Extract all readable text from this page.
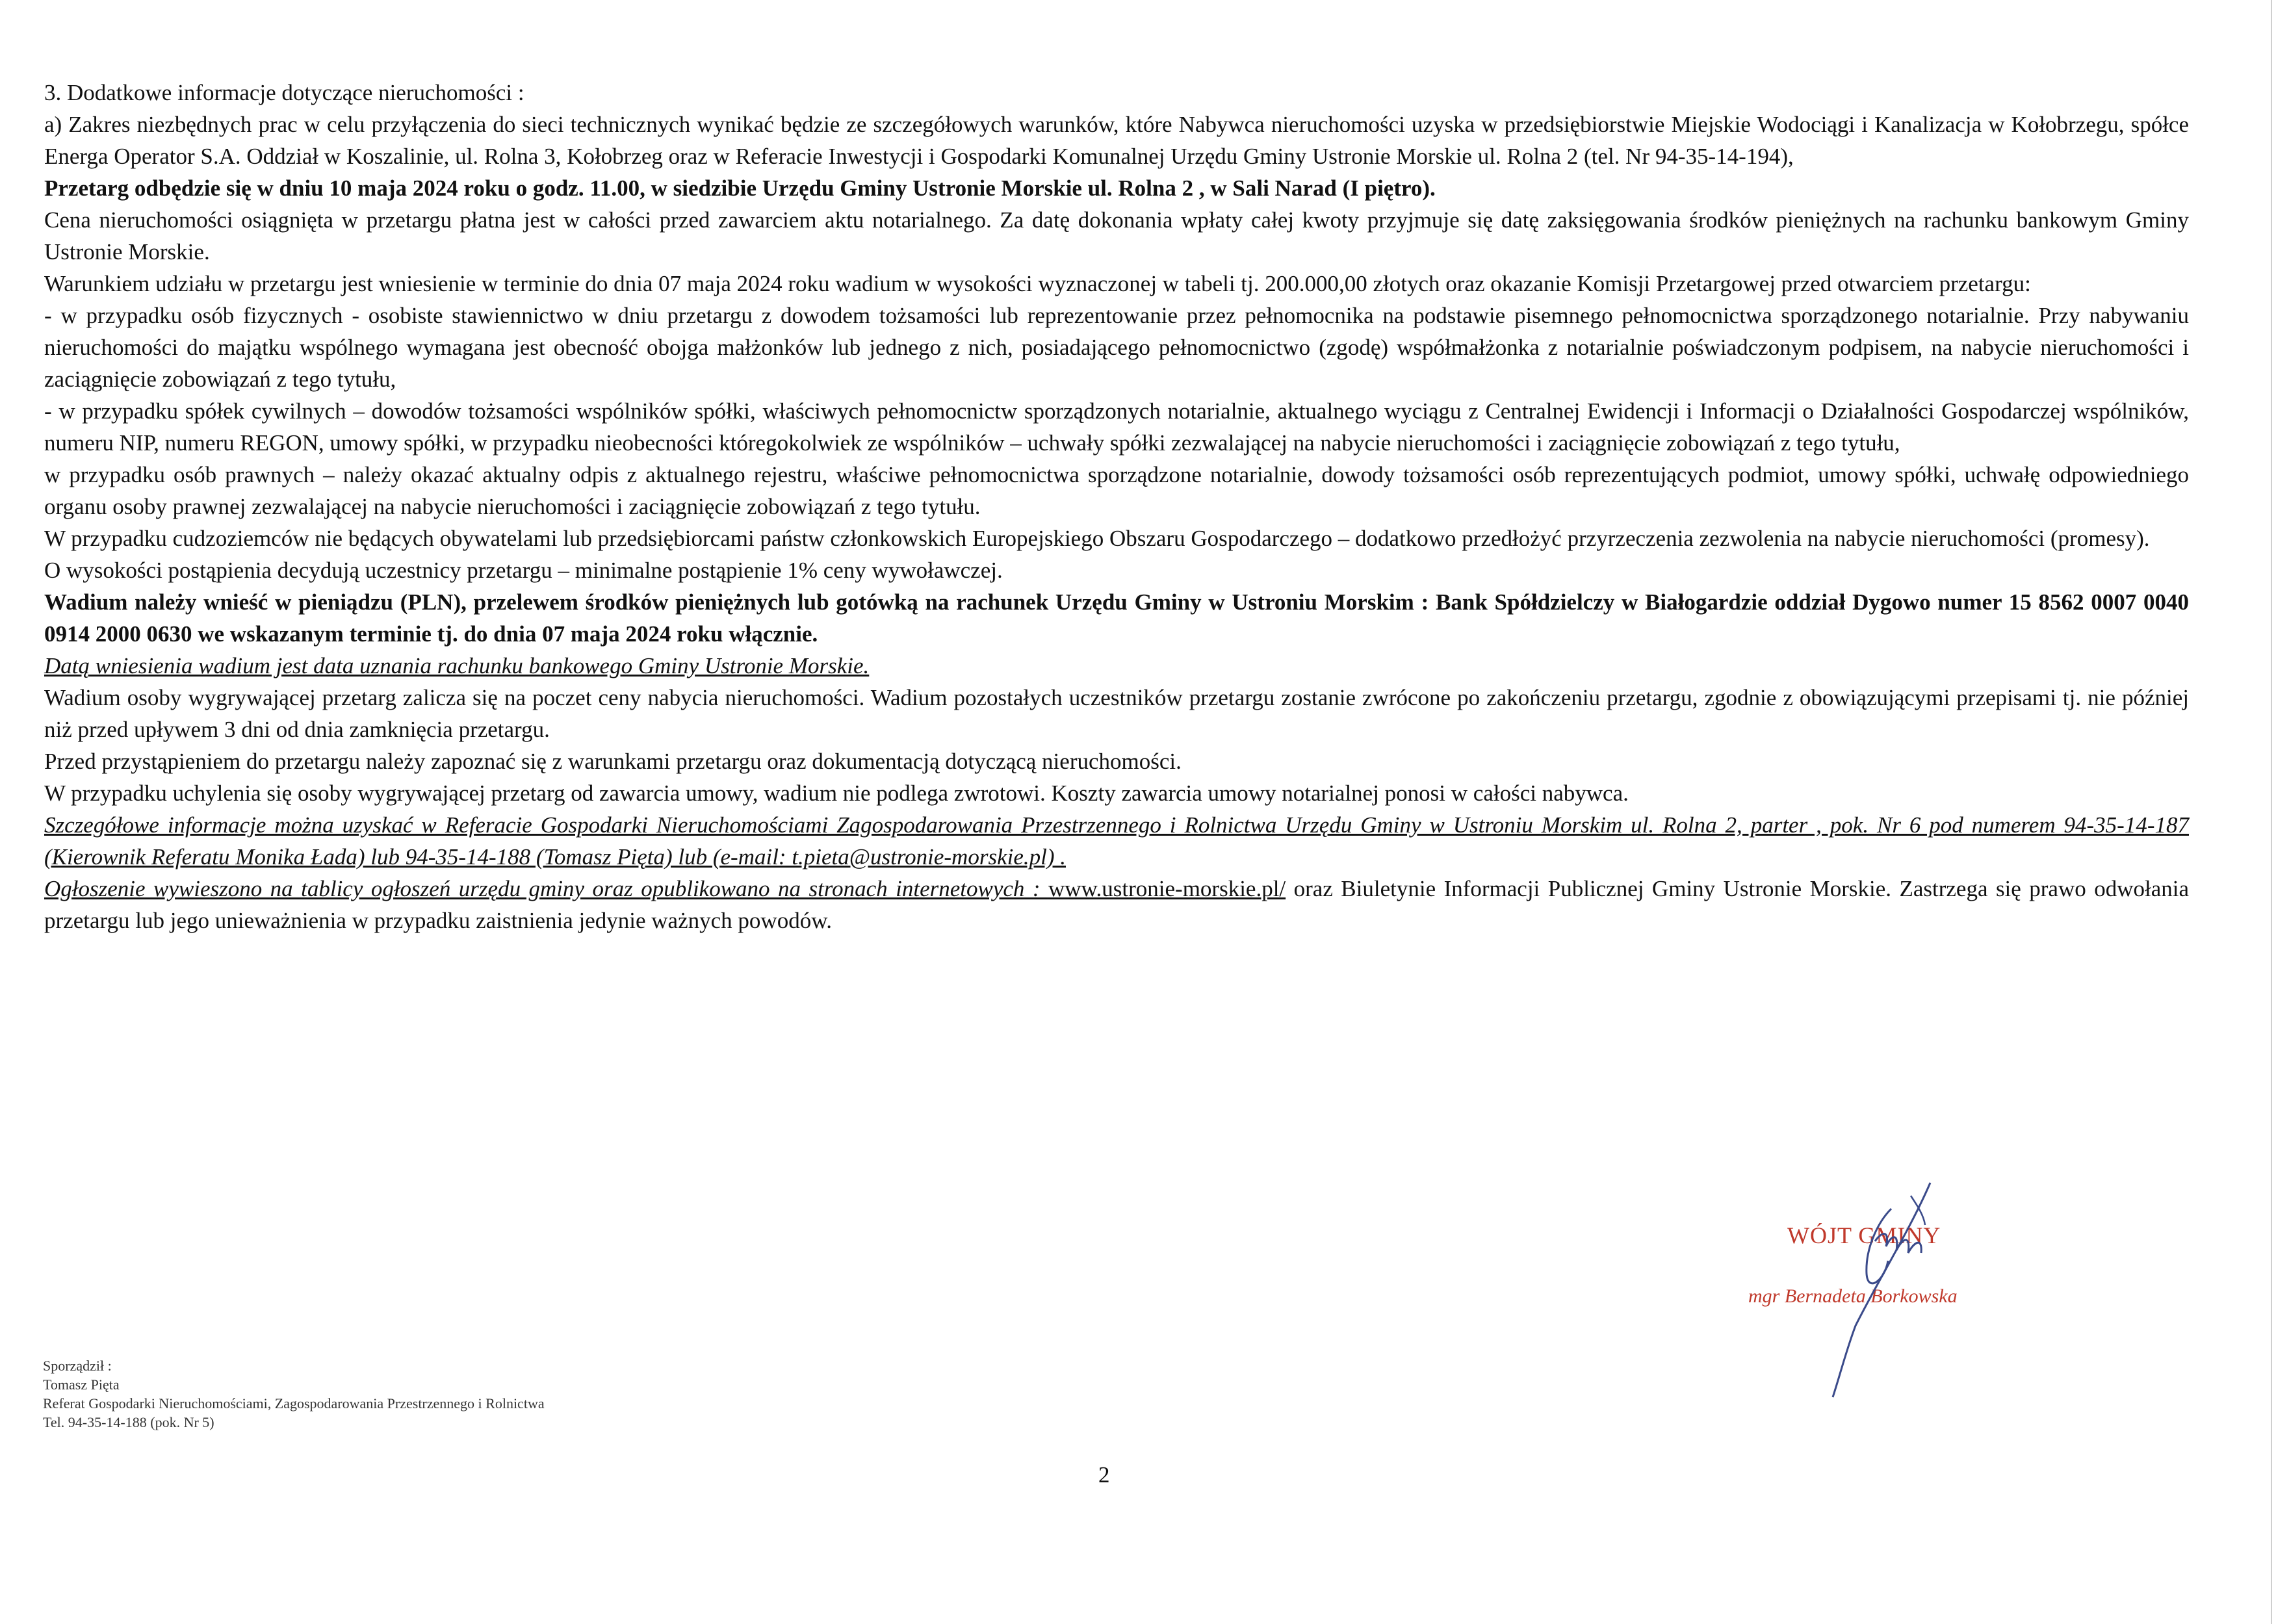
3. Dodatkowe informacje dotyczące nieruchomości :

a) Zakres niezbędnych prac w celu przyłączenia do sieci technicznych wynikać będzie ze szczegółowych warunków, które Nabywca nieruchomości uzyska w przedsiębiorstwie Miejskie Wodociągi i Kanalizacja w Kołobrzegu, spółce Energa Operator S.A. Oddział w Koszalinie, ul. Rolna 3, Kołobrzeg oraz w Referacie Inwestycji i Gospodarki Komunalnej Urzędu Gminy Ustronie Morskie ul. Rolna 2 (tel. Nr 94-35-14-194),

Przetarg odbędzie się w dniu 10 maja 2024 roku o godz. 11.00, w siedzibie Urzędu Gminy Ustronie Morskie ul. Rolna 2 , w Sali Narad (I piętro).

Cena nieruchomości osiągnięta w przetargu płatna jest w całości przed zawarciem aktu notarialnego. Za datę dokonania wpłaty całej kwoty przyjmuje się datę zaksięgowania środków pieniężnych na rachunku bankowym Gminy Ustronie Morskie.

Warunkiem udziału w przetargu jest wniesienie w terminie do dnia 07 maja 2024 roku wadium w wysokości wyznaczonej w tabeli tj. 200.000,00 złotych oraz okazanie Komisji Przetargowej przed otwarciem przetargu:

- w przypadku osób fizycznych - osobiste stawiennictwo w dniu przetargu z dowodem tożsamości lub reprezentowanie przez pełnomocnika na podstawie pisemnego pełnomocnictwa sporządzonego notarialnie. Przy nabywaniu nieruchomości do majątku wspólnego wymagana jest obecność obojga małżonków lub jednego z nich, posiadającego pełnomocnictwo (zgodę) współmałżonka z notarialnie poświadczonym podpisem, na nabycie nieruchomości i zaciągnięcie zobowiązań z tego tytułu,

- w przypadku spółek cywilnych – dowodów tożsamości wspólników spółki, właściwych pełnomocnictw sporządzonych notarialnie, aktualnego wyciągu z Centralnej Ewidencji i Informacji o Działalności Gospodarczej wspólników, numeru NIP, numeru REGON, umowy spółki, w przypadku nieobecności któregokolwiek ze wspólników – uchwały spółki zezwalającej na nabycie nieruchomości i zaciągnięcie zobowiązań z tego tytułu,

w przypadku osób prawnych – należy okazać aktualny odpis z aktualnego rejestru, właściwe pełnomocnictwa sporządzone notarialnie, dowody tożsamości osób reprezentujących podmiot, umowy spółki, uchwałę odpowiedniego organu osoby prawnej zezwalającej na nabycie nieruchomości i zaciągnięcie zobowiązań z tego tytułu.

W przypadku cudzoziemców nie będących obywatelami lub przedsiębiorcami państw członkowskich Europejskiego Obszaru Gospodarczego – dodatkowo przedłożyć przyrzeczenia zezwolenia na nabycie nieruchomości (promesy).

O wysokości postąpienia decydują uczestnicy przetargu – minimalne postąpienie 1% ceny wywoławczej.

Wadium należy wnieść w pieniądzu (PLN), przelewem środków pieniężnych lub gotówką na rachunek Urzędu Gminy w Ustroniu Morskim : Bank Spółdzielczy w Białogardzie oddział Dygowo numer 15 8562 0007 0040 0914 2000 0630 we wskazanym terminie tj. do dnia 07 maja 2024 roku włącznie.

Datą wniesienia wadium jest data uznania rachunku bankowego Gminy Ustronie Morskie.

Wadium osoby wygrywającej przetarg zalicza się na poczet ceny nabycia nieruchomości. Wadium pozostałych uczestników przetargu zostanie zwrócone po zakończeniu przetargu, zgodnie z obowiązującymi przepisami tj. nie później niż przed upływem 3 dni od dnia zamknięcia przetargu.

Przed przystąpieniem do przetargu należy zapoznać się z warunkami przetargu oraz dokumentacją dotyczącą nieruchomości.

W przypadku uchylenia się osoby wygrywającej przetarg od zawarcia umowy, wadium nie podlega zwrotowi. Koszty zawarcia umowy notarialnej ponosi w całości nabywca.

Szczegółowe informacje można uzyskać w Referacie Gospodarki Nieruchomościami Zagospodarowania Przestrzennego i Rolnictwa Urzędu Gminy w Ustroniu Morskim ul. Rolna 2, parter , pok. Nr 6 pod numerem 94-35-14-187 (Kierownik Referatu Monika Łada) lub 94-35-14-188 (Tomasz Pięta) lub (e-mail: t.pieta@ustronie-morskie.pl) .

Ogłoszenie wywieszono na tablicy ogłoszeń urzędu gminy oraz opublikowano na stronach internetowych : www.ustronie-morskie.pl/ oraz Biuletynie Informacji Publicznej Gminy Ustronie Morskie. Zastrzega się prawo odwołania przetargu lub jego unieważnienia w przypadku zaistnienia jedynie ważnych powodów.

WÓJT GMINY
mgr Bernadeta Borkowska

Sporządził :

Tomasz Pięta

Referat Gospodarki Nieruchomościami, Zagospodarowania Przestrzennego i Rolnictwa

Tel. 94-35-14-188 (pok. Nr 5)

2
